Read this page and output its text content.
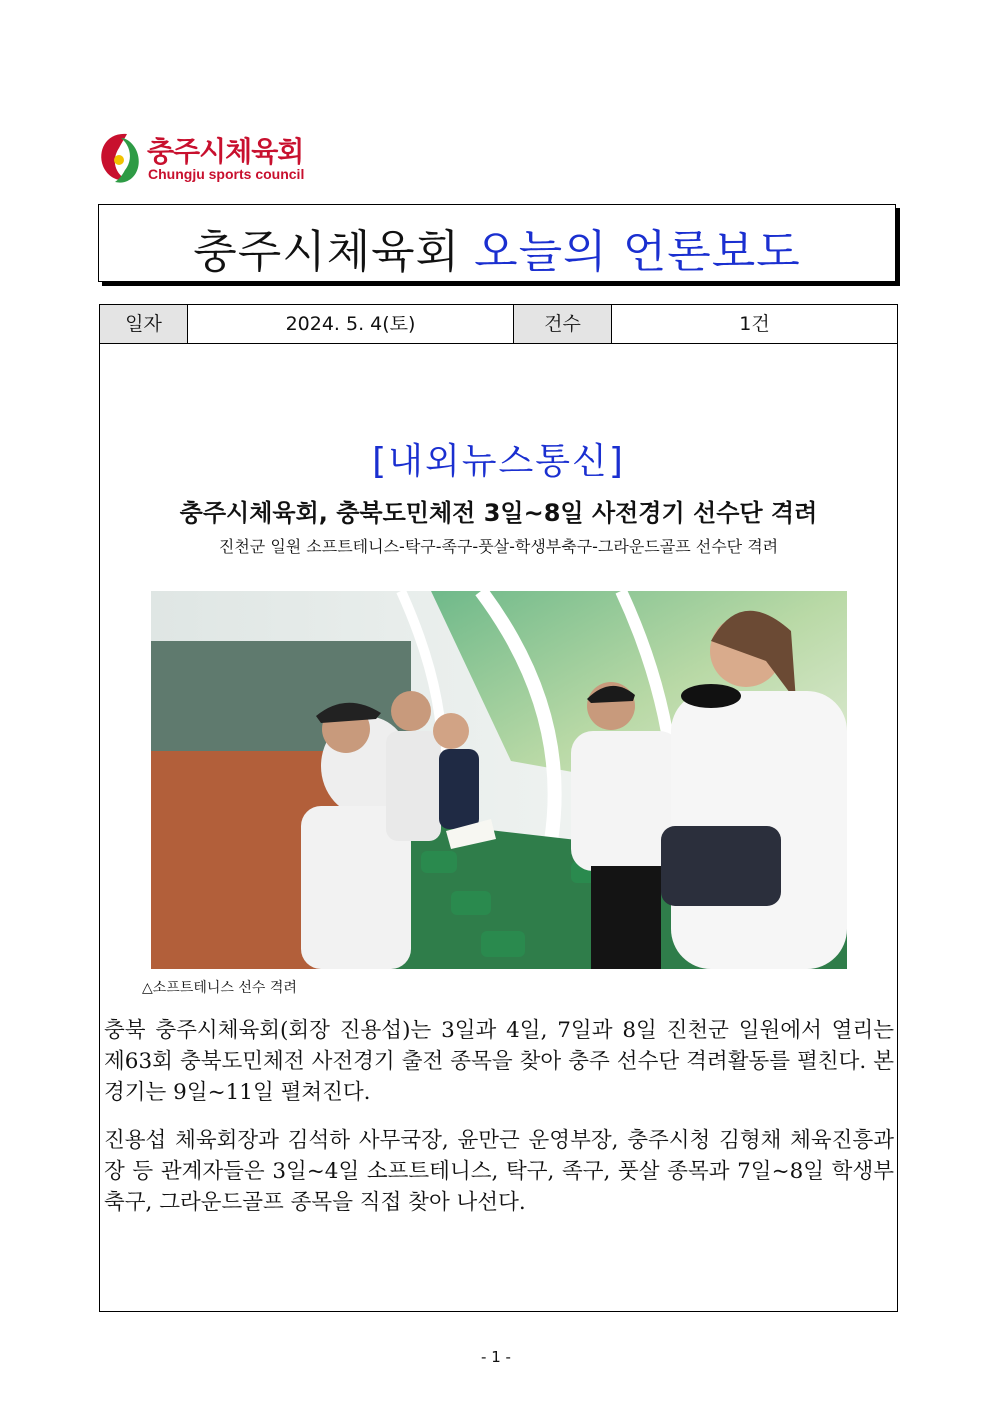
충주시체육회
Chungju sports council
충주시체육회 오늘의 언론보도
일자	2024. 5. 4(토)	건수	1건
[내외뉴스통신]
충주시체육회, 충북도민체전 3일~8일 사전경기 선수단 격려
진천군 일원 소프트테니스-탁구-족구-풋살-학생부축구-그라운드골프 선수단 격려
△소프트테니스 선수 격려
충북 충주시체육회(회장 진용섭)는 3일과 4일, 7일과 8일 진천군 일원에서 열리는 제63회 충북도민체전 사전경기 출전 종목을 찾아 충주 선수단 격려활동를 펼친다. 본 경기는 9일~11일 펼쳐진다.
진용섭 체육회장과 김석하 사무국장, 윤만근 운영부장, 충주시청 김형채 체육진흥과장 등 관계자들은 3일~4일 소프트테니스, 탁구, 족구, 풋살 종목과 7일~8일 학생부 축구, 그라운드골프 종목을 직접 찾아 나선다.
- 1 -
